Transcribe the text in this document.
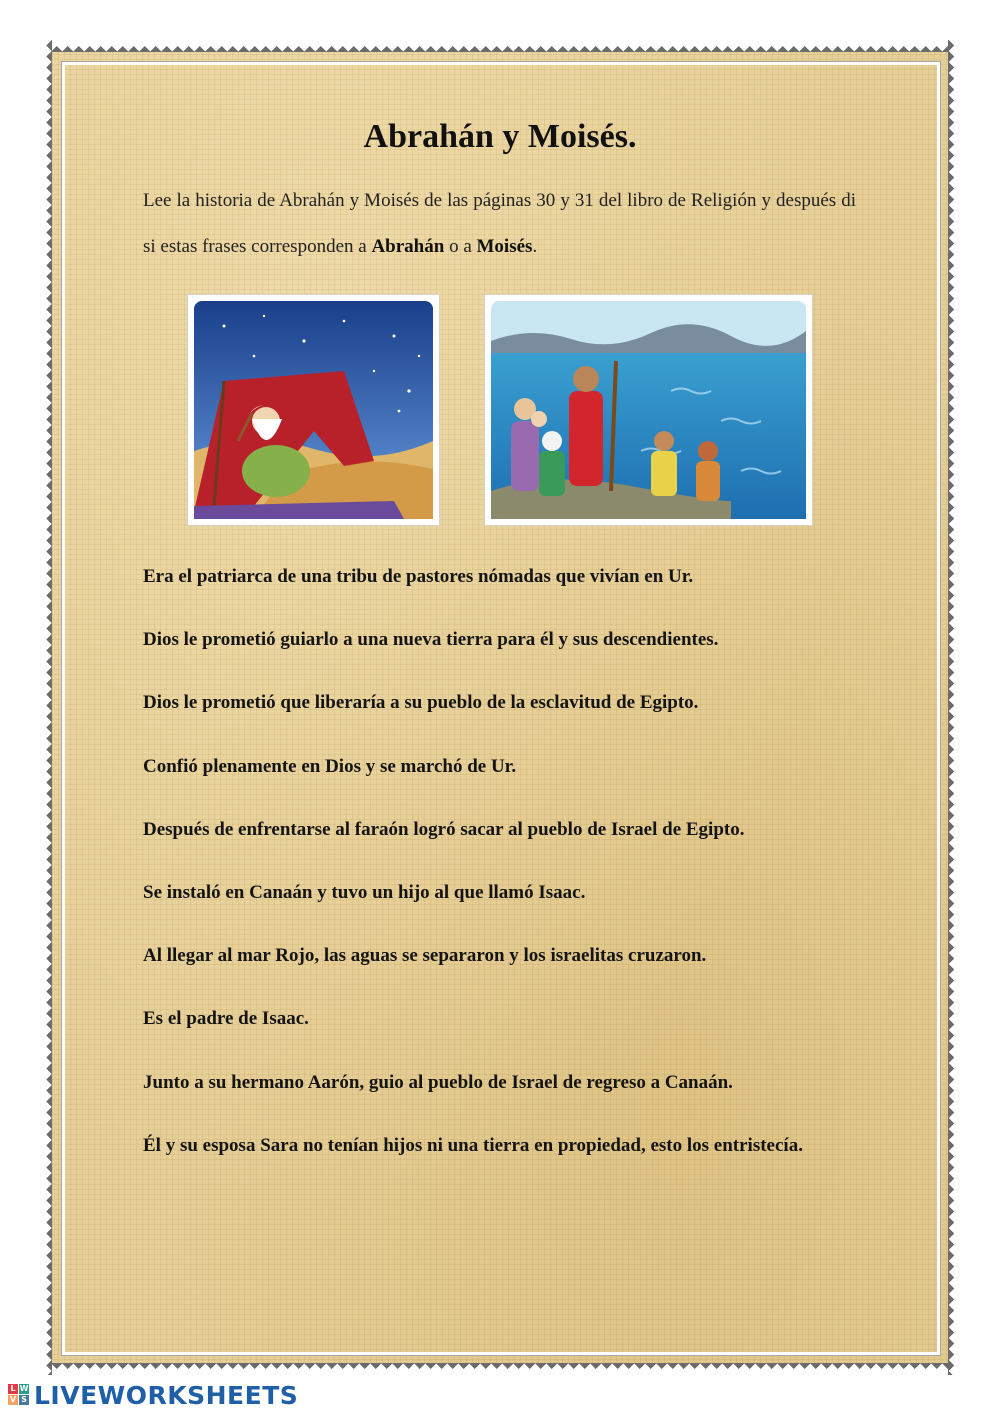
Abrahán y Moisés.
Lee la historia de Abrahán y Moisés de las páginas 30 y 31 del libro de Religión y después di si estas frases corresponden a Abrahán o a Moisés.
Era el patriarca de una tribu de pastores nómadas que vivían en Ur.
Dios le prometió guiarlo a una nueva tierra para él y sus descendientes.
Dios le prometió que liberaría a su pueblo de la esclavitud de Egipto.
Confió plenamente en Dios y se marchó de Ur.
Después de enfrentarse al faraón logró sacar al pueblo de Israel de Egipto.
Se instaló en Canaán y tuvo un hijo al que llamó Isaac.
Al llegar al mar Rojo, las aguas se separaron y los israelitas cruzaron.
Es el padre de Isaac.
Junto a su hermano Aarón, guio al pueblo de Israel de regreso a Canaán.
Él y su esposa Sara no tenían hijos ni una tierra en propiedad, esto los entristecía.
L W
V S LIVEWORKSHEETS
